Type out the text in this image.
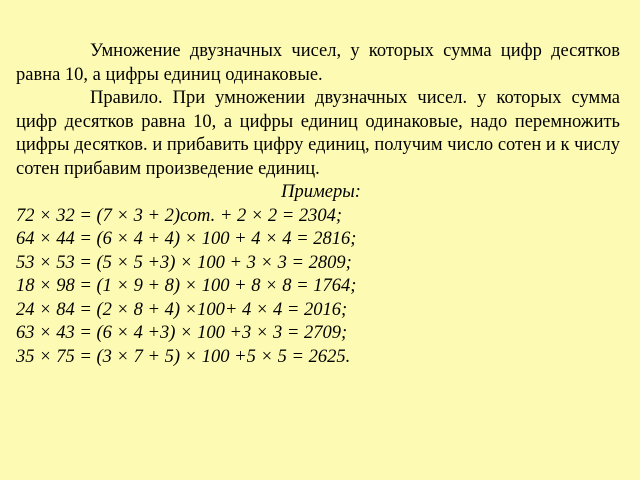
Умножение двузначных чисел, у которых сумма цифр десятков равна 10, а цифры единиц одинаковые.

Правило. При умножении двузначных чисел. у которых сумма цифр десятков равна 10, а цифры единиц одинаковые, надо перемножить цифры десятков. и прибавить цифру единиц, получим число сотен и к числу сотен прибавим произведение единиц.

Примеры:

72 × 32 = (7 × 3 + 2)сот. + 2 × 2 = 2304;
64 × 44 = (6 × 4 + 4) × 100 + 4 × 4 = 2816;
53 × 53 = (5 × 5 +3) × 100 + 3 × 3 = 2809;
18 × 98 = (1 × 9 + 8) × 100 + 8 × 8 = 1764;
24 × 84 = (2 × 8 + 4) ×100+ 4 × 4 = 2016;
63 × 43 = (6 × 4 +3) × 100 +3 × 3 = 2709;
35 × 75 = (3 × 7 + 5) × 100 +5 × 5 = 2625.
